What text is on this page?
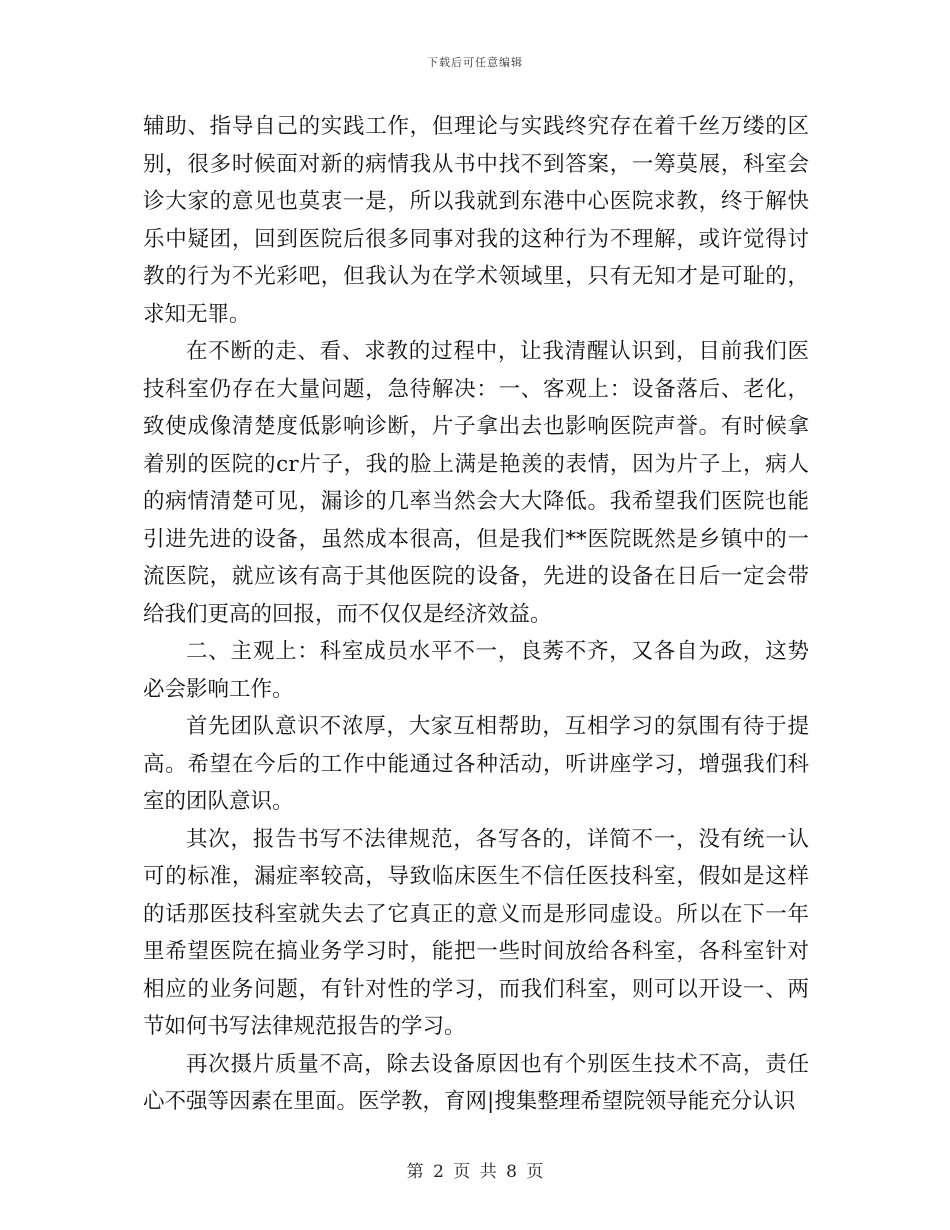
下载后可任意编辑

辅助、指导自己的实践工作，但理论与实践终究存在着千丝万缕的区别，很多时候面对新的病情我从书中找不到答案，一筹莫展，科室会诊大家的意见也莫衷一是，所以我就到东港中心医院求教，终于解快乐中疑团，回到医院后很多同事对我的这种行为不理解，或许觉得讨教的行为不光彩吧，但我认为在学术领域里，只有无知才是可耻的，求知无罪。

在不断的走、看、求教的过程中，让我清醒认识到，目前我们医技科室仍存在大量问题，急待解决：一、客观上：设备落后、老化，致使成像清楚度低影响诊断，片子拿出去也影响医院声誉。有时候拿着别的医院的cr片子，我的脸上满是艳羡的表情，因为片子上，病人的病情清楚可见，漏诊的几率当然会大大降低。我希望我们医院也能引进先进的设备，虽然成本很高，但是我们**医院既然是乡镇中的一流医院，就应该有高于其他医院的设备，先进的设备在日后一定会带给我们更高的回报，而不仅仅是经济效益。

二、主观上：科室成员水平不一，良莠不齐，又各自为政，这势必会影响工作。

首先团队意识不浓厚，大家互相帮助，互相学习的氛围有待于提高。希望在今后的工作中能通过各种活动，听讲座学习，增强我们科室的团队意识。

其次，报告书写不法律规范，各写各的，详简不一，没有统一认可的标准，漏症率较高，导致临床医生不信任医技科室，假如是这样的话那医技科室就失去了它真正的意义而是形同虚设。所以在下一年里希望医院在搞业务学习时，能把一些时间放给各科室，各科室针对相应的业务问题，有针对性的学习，而我们科室，则可以开设一、两节如何书写法律规范报告的学习。

再次摄片质量不高，除去设备原因也有个别医生技术不高，责任心不强等因素在里面。医学教，育网|搜集整理希望院领导能充分认识

第 2 页 共 8 页
